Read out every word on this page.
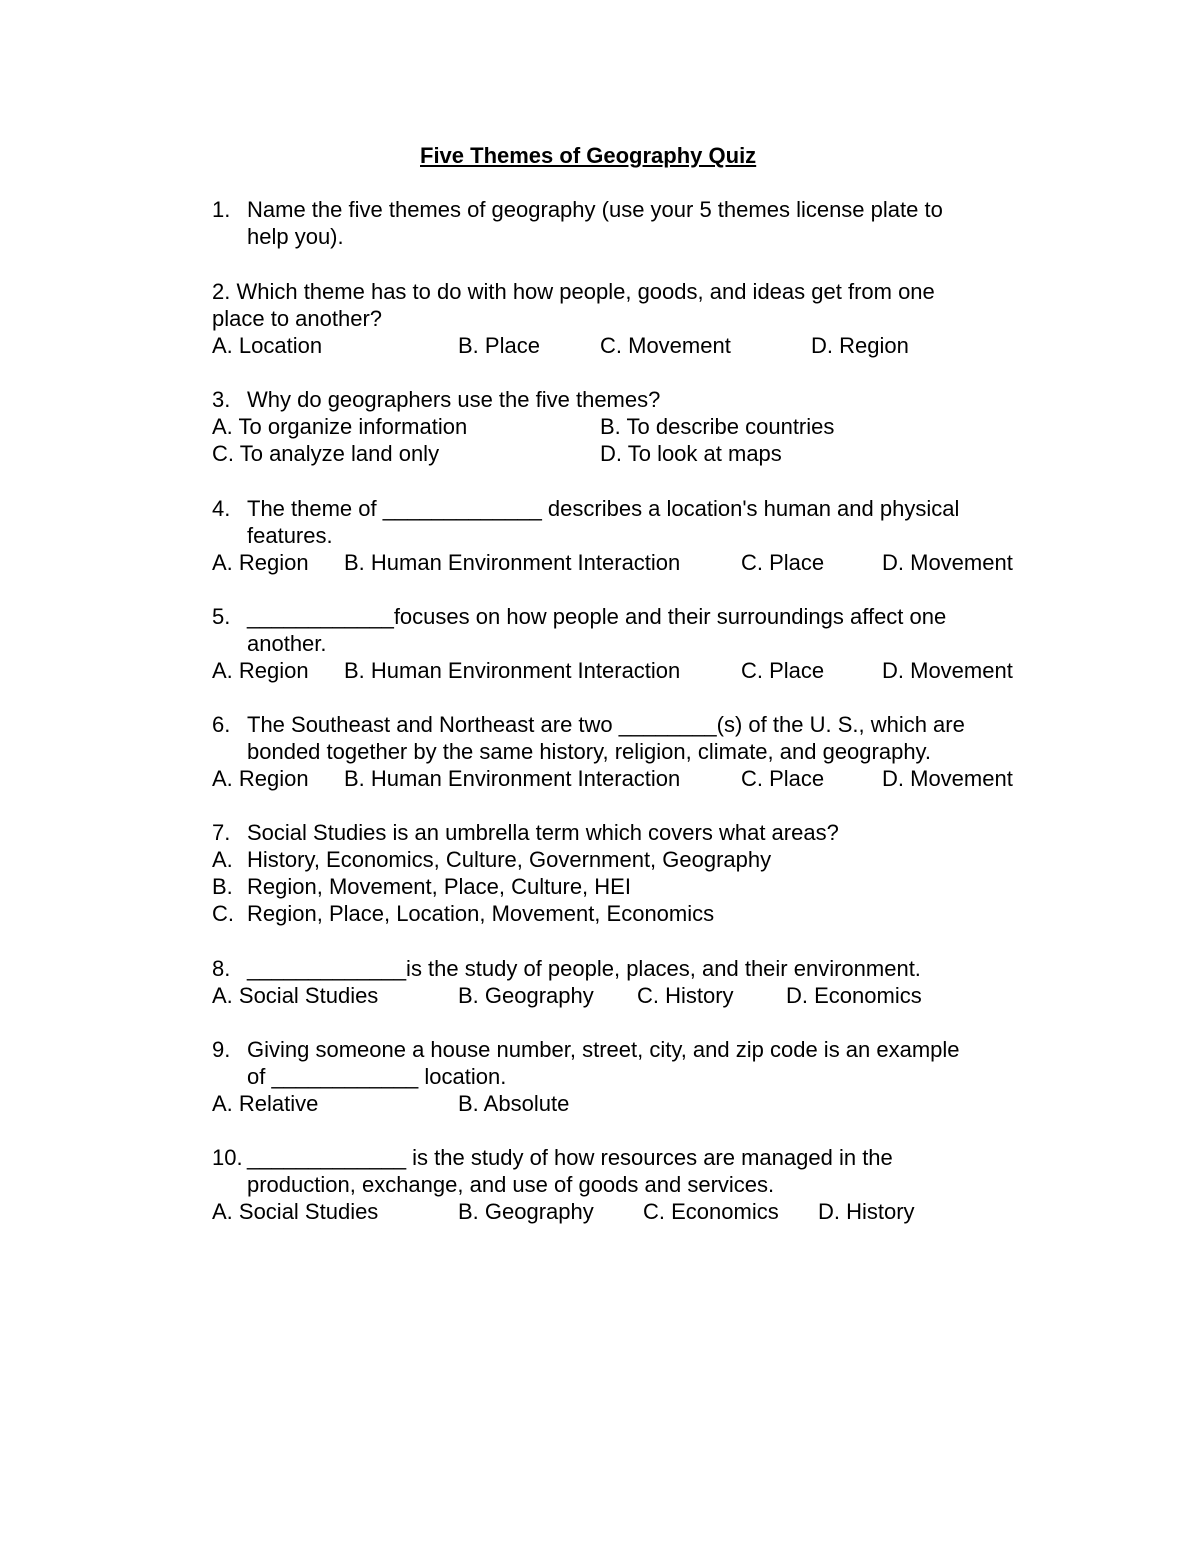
Five Themes of Geography Quiz
1. Name the five themes of geography (use your 5 themes license plate to
help you).
2. Which theme has to do with how people, goods, and ideas get from one
place to another?
A. Location	B. Place	C. Movement	D. Region
3. Why do geographers use the five themes?
A. To organize information	B. To describe countries
C. To analyze land only	D. To look at maps
4. The theme of _____________ describes a location's human and physical
features.
A. Region B. Human Environment Interaction	C. Place	D. Movement
5. ____________focuses on how people and their surroundings affect one
another.
A. Region B. Human Environment Interaction	C. Place	D. Movement
6. The Southeast and Northeast are two ________(s) of the U. S., which are
bonded together by the same history, religion, climate, and geography.
A. Region B. Human Environment Interaction	C. Place	D. Movement
7. Social Studies is an umbrella term which covers what areas?
A. History, Economics, Culture, Government, Geography
B. Region, Movement, Place, Culture, HEI
C. Region, Place, Location, Movement, Economics
8. _____________is the study of people, places, and their environment.
A. Social Studies	B. Geography C. History D. Economics
9. Giving someone a house number, street, city, and zip code is an example
of ____________ location.
A. Relative	B. Absolute
10. _____________ is the study of how resources are managed in the
production, exchange, and use of goods and services.
A. Social Studies	B. Geography C. Economics D. History
